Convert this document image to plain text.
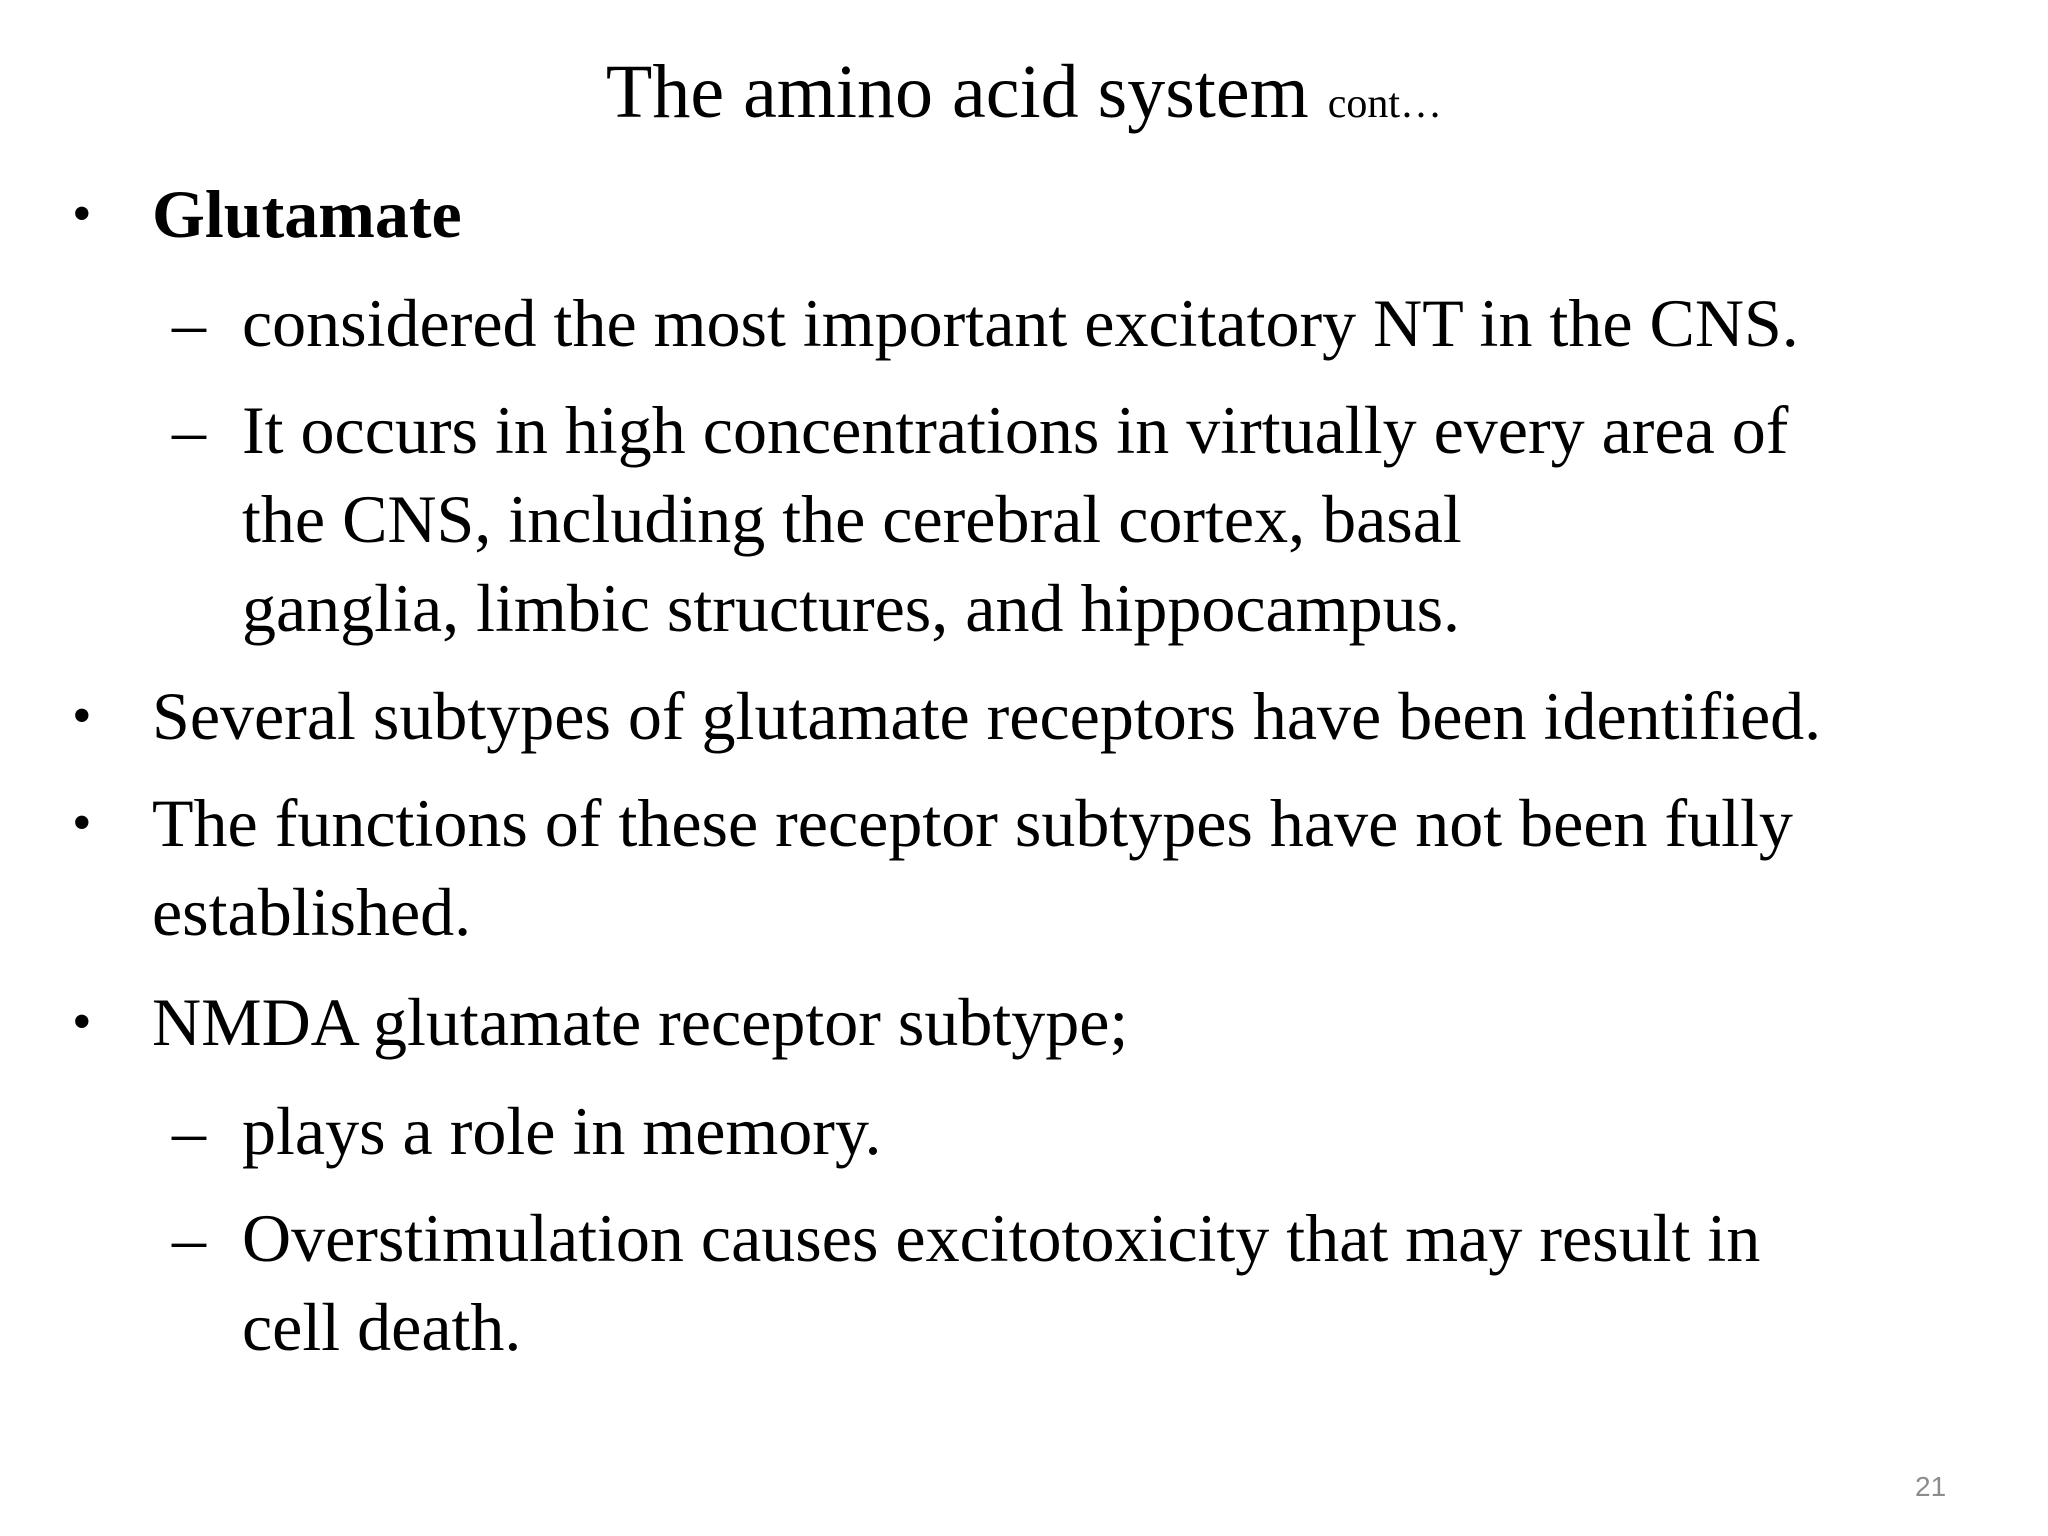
The amino acid system cont…
• Glutamate
– considered the most important excitatory NT in the CNS.
– It occurs in high concentrations in virtually every area of
the CNS, including the cerebral cortex, basal
ganglia, limbic structures, and hippocampus.
• Several subtypes of glutamate receptors have been identified.
• The functions of these receptor subtypes have not been fully
established.
• NMDA glutamate receptor subtype;
– plays a role in memory.
– Overstimulation causes excitotoxicity that may result in
cell death.
21
